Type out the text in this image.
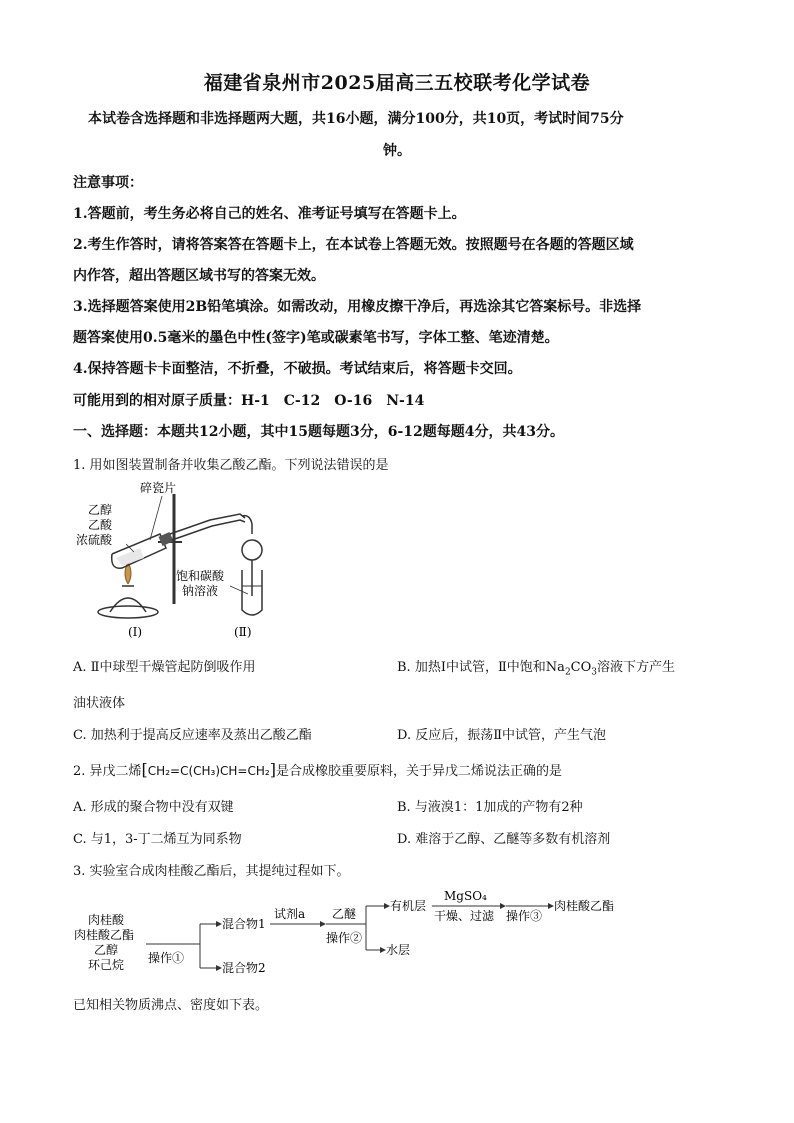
福建省泉州市2025届高三五校联考化学试卷
本试卷含选择题和非选择题两大题，共16小题，满分100分，共10页，考试时间75分
钟。
注意事项：
1.答题前，考生务必将自己的姓名、准考证号填写在答题卡上。
2.考生作答时，请将答案答在答题卡上，在本试卷上答题无效。按照题号在各题的答题区域
内作答，超出答题区域书写的答案无效。
3.选择题答案使用2B铅笔填涂。如需改动，用橡皮擦干净后，再选涂其它答案标号。非选择
题答案使用0.5毫米的墨色中性(签字)笔或碳素笔书写，字体工整、笔迹清楚。
4.保持答题卡卡面整洁，不折叠，不破损。考试结束后，将答题卡交回。
可能用到的相对原子质量：H-1　C-12　O-16　N-14
一、选择题：本题共12小题，其中15题每题3分，6-12题每题4分，共43分。
1. 用如图装置制备并收集乙酸乙酯。下列说法错误的是
碎瓷片
乙醇
乙酸
浓硫酸
饱和碳酸
钠溶液
(Ⅰ)	(Ⅱ)
A. Ⅱ中球型干燥管起防倒吸作用	B. 加热Ⅰ中试管，Ⅱ中饱和$Na_2CO_3$溶液下方产生
油状液体
C. 加热利于提高反应速率及蒸出乙酸乙酯	D. 反应后，振荡Ⅱ中试管，产生气泡
2. 异戊二烯[CH₂=C(CH₃)CH=CH₂]是合成橡胶重要原料，关于异戊二烯说法正确的是
A. 形成的聚合物中没有双键	B. 与液溴1：1加成的产物有2种
C. 与1，3-丁二烯互为同系物	D. 难溶于乙醇、乙醚等多数有机溶剂
3. 实验室合成肉桂酸乙酯后，其提纯过程如下。
肉桂酸
肉桂酸乙酯
乙醇
环己烷 操作①
混合物1
混合物2
试剂a 乙醚
操作②
有机层
水层
MgSO₄
干燥、过滤 操作③
肉桂酸乙酯
已知相关物质沸点、密度如下表。
